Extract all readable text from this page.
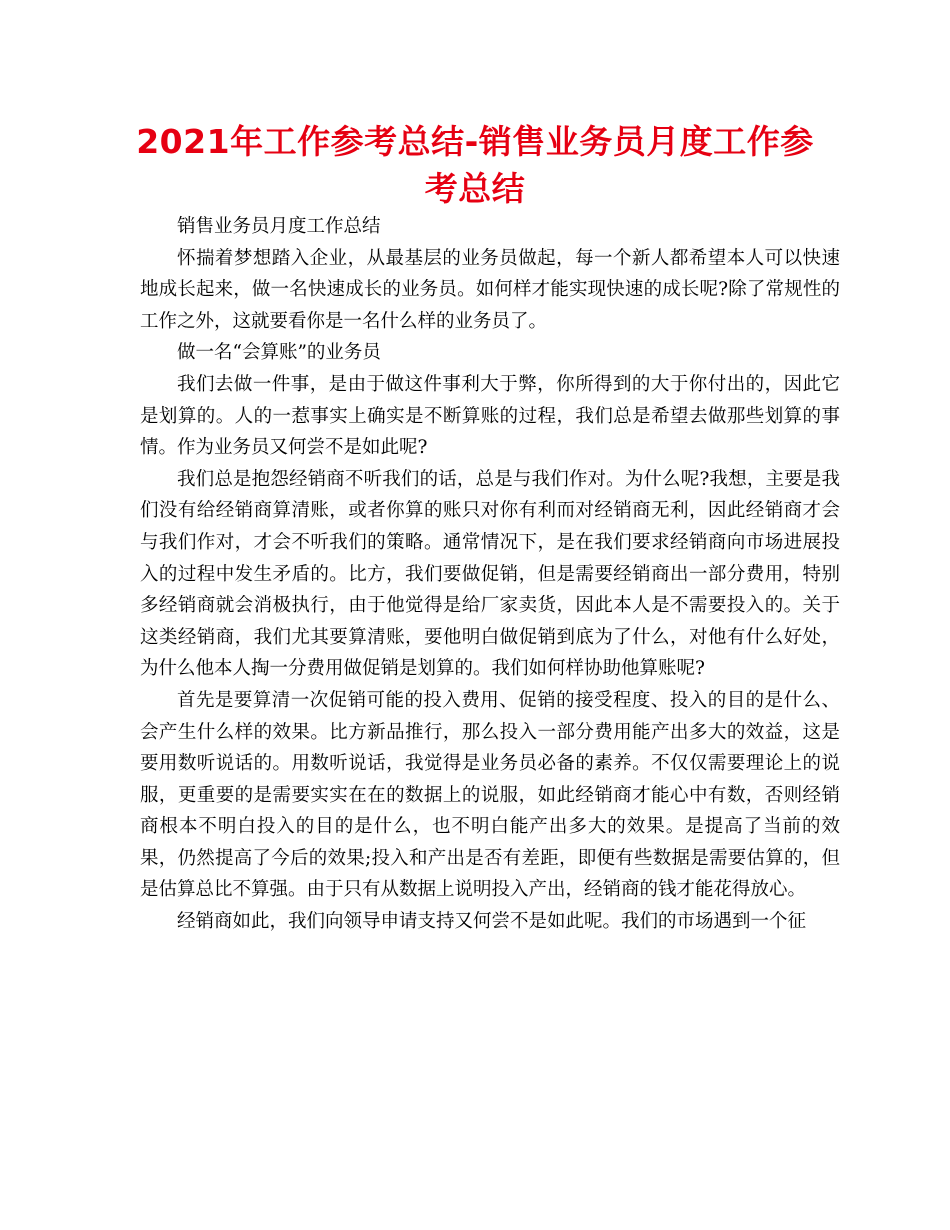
2021年工作参考总结-销售业务员月度工作参考总结

销售业务员月度工作总结

怀揣着梦想踏入企业，从最基层的业务员做起，每一个新人都希望本人可以快速地成长起来，做一名快速成长的业务员。如何样才能实现快速的成长呢?除了常规性的工作之外，这就要看你是一名什么样的业务员了。

做一名“会算账”的业务员

我们去做一件事，是由于做这件事利大于弊，你所得到的大于你付出的，因此它是划算的。人的一惹事实上确实是不断算账的过程，我们总是希望去做那些划算的事情。作为业务员又何尝不是如此呢?

我们总是抱怨经销商不听我们的话，总是与我们作对。为什么呢?我想，主要是我们没有给经销商算清账，或者你算的账只对你有利而对经销商无利，因此经销商才会与我们作对，才会不听我们的策略。通常情况下，是在我们要求经销商向市场进展投入的过程中发生矛盾的。比方，我们要做促销，但是需要经销商出一部分费用，特别多经销商就会消极执行，由于他觉得是给厂家卖货，因此本人是不需要投入的。关于这类经销商，我们尤其要算清账，要他明白做促销到底为了什么，对他有什么好处，为什么他本人掏一分费用做促销是划算的。我们如何样协助他算账呢?

首先是要算清一次促销可能的投入费用、促销的接受程度、投入的目的是什么、会产生什么样的效果。比方新品推行，那么投入一部分费用能产出多大的效益，这是要用数听说话的。用数听说话，我觉得是业务员必备的素养。不仅仅需要理论上的说服，更重要的是需要实实在在的数据上的说服，如此经销商才能心中有数，否则经销商根本不明白投入的目的是什么，也不明白能产出多大的效果。是提高了当前的效果，仍然提高了今后的效果;投入和产出是否有差距，即便有些数据是需要估算的，但是估算总比不算强。由于只有从数据上说明投入产出，经销商的钱才能花得放心。

经销商如此，我们向领导申请支持又何尝不是如此呢。我们的市场遇到一个征
